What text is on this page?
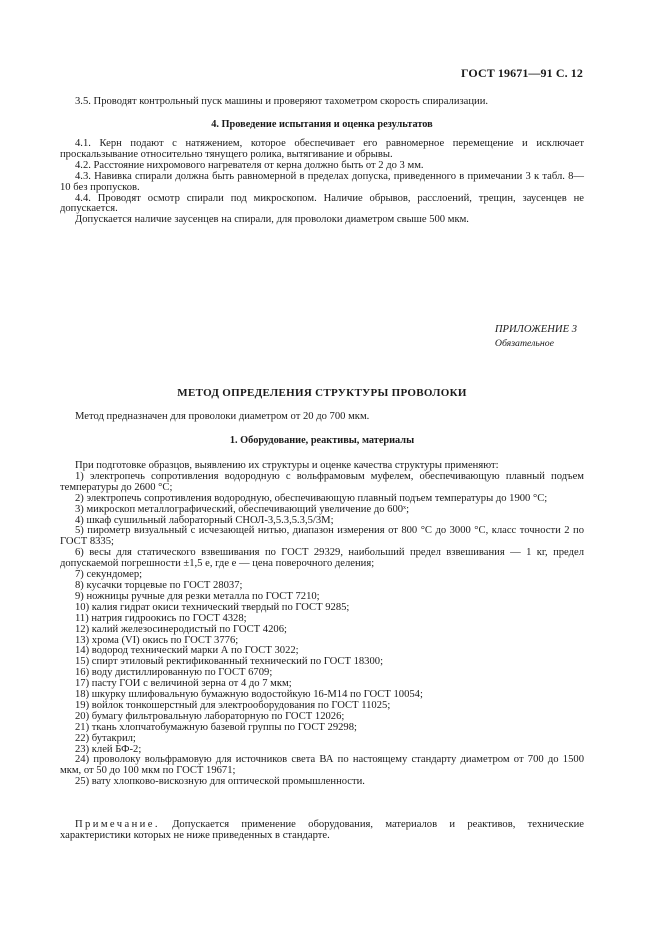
ГОСТ 19671—91 С. 12

3.5. Проводят контрольный пуск машины и проверяют тахометром скорость спирализации.

4. Проведение испытания и оценка результатов

4.1. Керн подают с натяжением, которое обеспечивает его равномерное перемещение и исключает проскальзывание относительно тянущего ролика, вытягивание и обрывы.

4.2. Расстояние нихромового нагревателя от керна должно быть от 2 до 3 мм.

4.3. Навивка спирали должна быть равномерной в пределах допуска, приведенного в примечании 3 к табл. 8—10 без пропусков.

4.4. Проводят осмотр спирали под микроскопом. Наличие обрывов, расслоений, трещин, заусенцев не допускается.

Допускается наличие заусенцев на спирали, для проволоки диаметром свыше 500 мкм.

ПРИЛОЖЕНИЕ 3
Обязательное
МЕТОД ОПРЕДЕЛЕНИЯ СТРУКТУРЫ ПРОВОЛОКИ

Метод предназначен для проволоки диаметром от 20 до 700 мкм.

1. Оборудование, реактивы, материалы

При подготовке образцов, выявлению их структуры и оценке качества структуры применяют:

1) электропечь сопротивления водородную с вольфрамовым муфелем, обеспечивающую плавный подъем температуры до 2600 °С;
2) электропечь сопротивления водородную, обеспечивающую плавный подъем температуры до 1900 °С;
3) микроскоп металлографический, обеспечивающий увеличение до 600ˣ;
4) шкаф сушильный лабораторный СНОЛ-3,5.3,5.3,5/3М;
5) пирометр визуальный с исчезающей нитью, диапазон измерения от 800 °С до 3000 °С, класс точности 2 по ГОСТ 8335;
6) весы для статического взвешивания по ГОСТ 29329, наибольший предел взвешивания — 1 кг, предел допускаемой погрешности ±1,5 e, где e — цена поверочного деления;
7) секундомер;
8) кусачки торцевые по ГОСТ 28037;
9) ножницы ручные для резки металла по ГОСТ 7210;
10) калия гидрат окиси технический твердый по ГОСТ 9285;
11) натрия гидроокись по ГОСТ 4328;
12) калий железосинеродистый по ГОСТ 4206;
13) хрома (VI) окись по ГОСТ 3776;
14) водород технический марки А по ГОСТ 3022;
15) спирт этиловый ректификованный технический по ГОСТ 18300;
16) воду дистиллированную по ГОСТ 6709;
17) пасту ГОИ с величиной зерна от 4 до 7 мкм;
18) шкурку шлифовальную бумажную водостойкую 16-М14 по ГОСТ 10054;
19) войлок тонкошерстный для электрооборудования по ГОСТ 11025;
20) бумагу фильтровальную лабораторную по ГОСТ 12026;
21) ткань хлопчатобумажную базевой группы по ГОСТ 29298;
22) бутакрил;
23) клей БФ-2;
24) проволоку вольфрамовую для источников света ВА по настоящему стандарту диаметром от 700 до 1500 мкм, от 50 до 100 мкм по ГОСТ 19671;
25) вату хлопково-вискозную для оптической промышленности.

Примечание. Допускается применение оборудования, материалов и реактивов, технические характеристики которых не ниже приведенных в стандарте.
